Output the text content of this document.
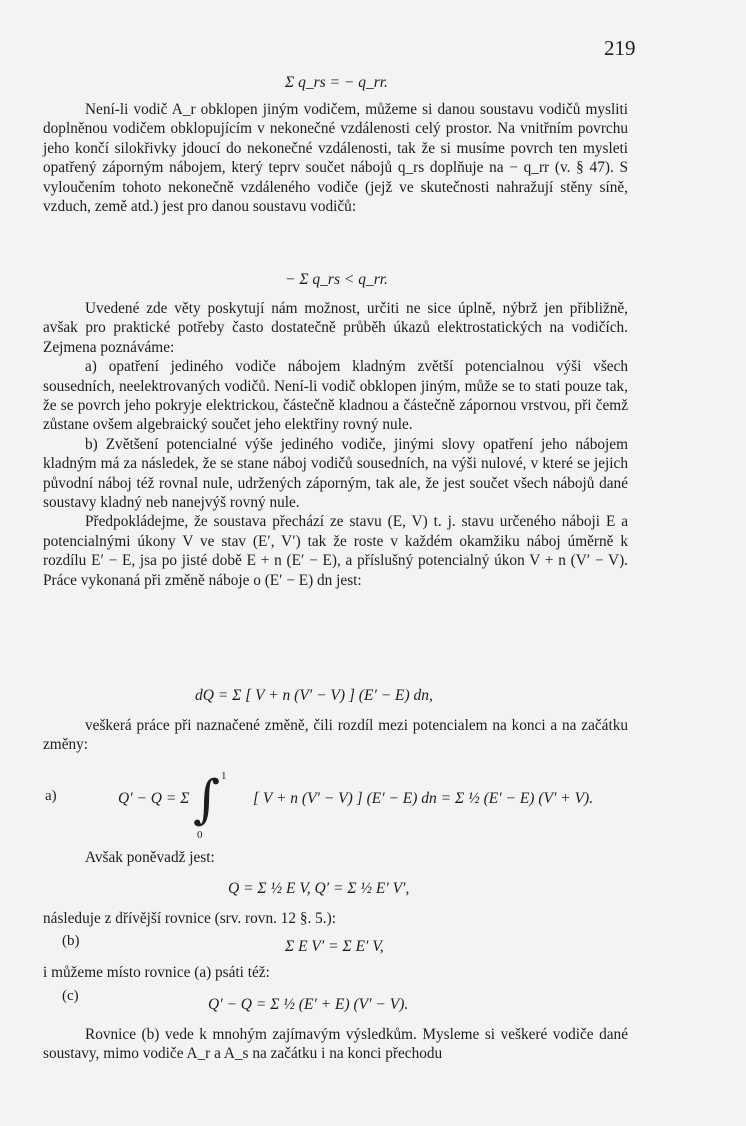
219
Σ q_rs = − q_rr.

Není-li vodič A_r obklopen jiným vodičem, můžeme si danou soustavu vodičů mysliti doplněnou vodičem obklopujícím v nekonečné vzdálenosti celý prostor. Na vnitřním povrchu jeho končí silokřivky jdoucí do nekonečné vzdálenosti, tak že si musíme povrch ten mysleti opatřený záporným nábojem, který teprv součet nábojů q_rs doplňuje na − q_rr (v. § 47). S vyloučením tohoto nekonečně vzdáleného vodiče (jejž ve skutečnosti nahražují stěny síně, vzduch, země atd.) jest pro danou soustavu vodičů:

− Σ q_rs < q_rr.

Uvedené zde věty poskytují nám možnost, určiti ne sice úplně, nýbrž jen přibližně, avšak pro praktické potřeby často dostatečně průběh úkazů elektrostatických na vodičích. Zejmena poznáváme:

a) opatření jediného vodiče nábojem kladným zvětší potencialnou výši všech sousedních, neelektrovaných vodičů. Není-li vodič obklopen jiným, může se to stati pouze tak, že se povrch jeho pokryje elektrickou, částečně kladnou a částečně zápornou vrstvou, při čemž zůstane ovšem algebraický součet jeho elektřiny rovný nule.

b) Zvětšení potencialné výše jediného vodiče, jinými slovy opatření jeho nábojem kladným má za následek, že se stane náboj vodičů sousedních, na výši nulové, v které se jejich původní náboj též rovnal nule, udržených záporným, tak ale, že jest součet všech nábojů dané soustavy kladný neb nanejvýš rovný nule.

Předpokládejme, že soustava přechází ze stavu (E, V) t. j. stavu určeného náboji E a potencialnými úkony V ve stav (E′, V′) tak že roste v každém okamžiku náboj úměrně k rozdílu E′ − E, jsa po jisté době E + n (E′ − E), a příslušný potencialný úkon V + n (V′ − V). Práce vykonaná při změně náboje o (E′ − E) dn jest:

dQ = Σ [ V + n (V′ − V) ] (E′ − E) dn,

veškerá práce při naznačené změně, čili rozdíl mezi potencialem na konci a na začátku změny:

a)	Q′ − Q = Σ ∫ 1
0
[ V + n (V′ − V) ] (E′ − E) dn = Σ ½ (E′ − E) (V′ + V).

Avšak poněvadž jest:

Q = Σ ½ E V, Q′ = Σ ½ E′ V′,

následuje z dřívější rovnice (srv. rovn. 12 §. 5.):

(b)	Σ E V′ = Σ E′ V,

i můžeme místo rovnice (a) psáti též:

(c)	Q′ − Q = Σ ½ (E′ + E) (V′ − V).

Rovnice (b) vede k mnohým zajímavým výsledkům. Mysleme si veškeré vodiče dané soustavy, mimo vodiče A_r a A_s na začátku i na konci přechodu
